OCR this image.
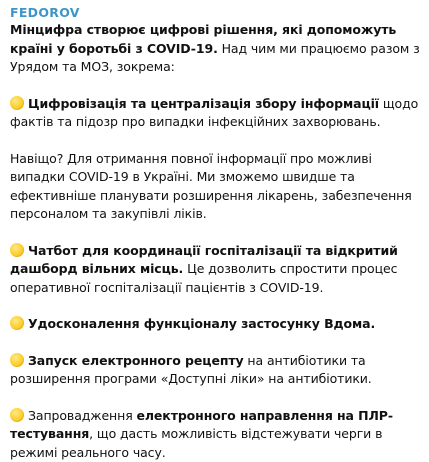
FEDOROV

Мінцифра створює цифрові рішення, які допоможуть країні у боротьбі з COVID-19. Над чим ми працюємо разом з Урядом та МОЗ, зокрема:

Цифровізація та централізація збору інформації щодо фактів та підозр про випадки інфекційних захворювань.

Навіщо? Для отримання повної інформації про можливі випадки COVID-19 в Україні. Ми зможемо швидше та ефективніше планувати розширення лікарень, забезпечення персоналом та закупівлі ліків.

Чатбот для координації госпіталізації та відкритий дашборд вільних місць. Це дозволить спростити процес оперативної госпіталізації пацієнтів з COVID-19.

Удосконалення функціоналу застосунку Вдома.

Запуск електронного рецепту на антибіотики та розширення програми «Доступні ліки» на антибіотики.

Запровадження електронного направлення на ПЛР-тестування, що дасть можливість відстежувати черги в режимі реального часу.
